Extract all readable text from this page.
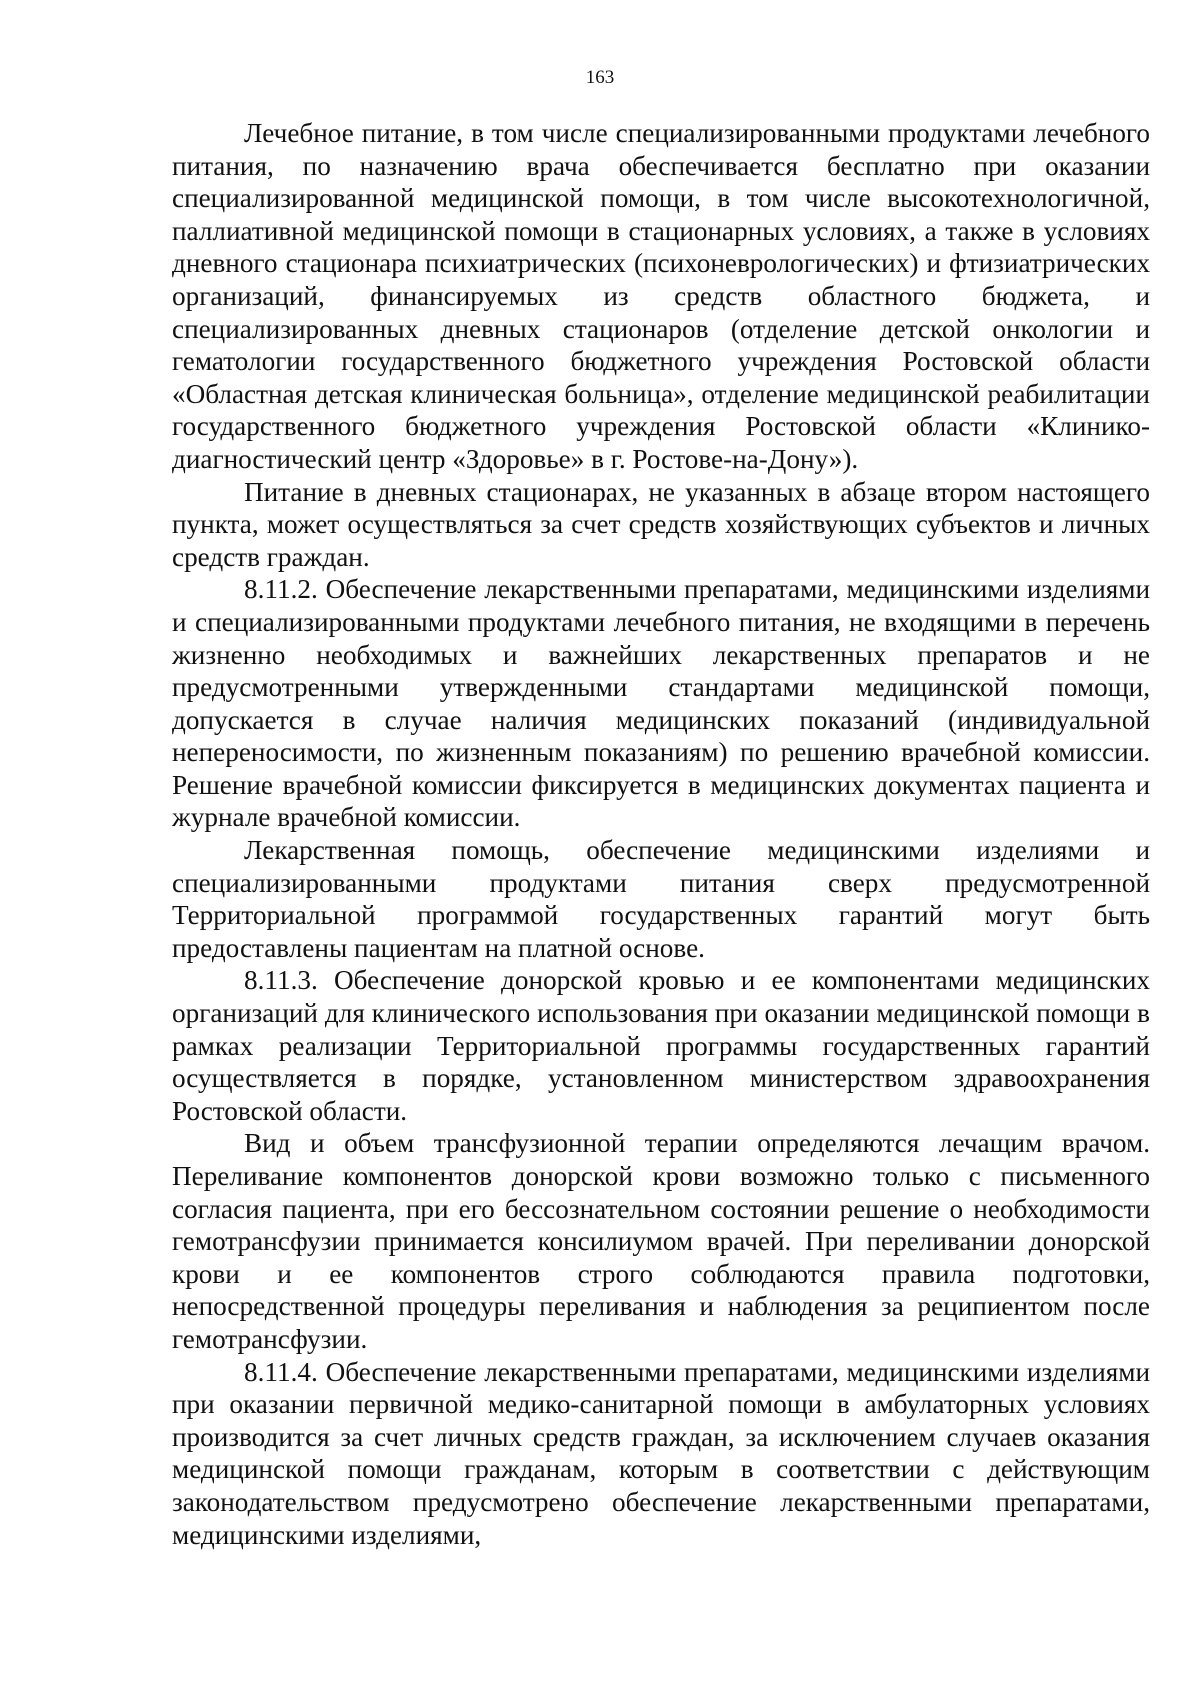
163

Лечебное питание, в том числе специализированными продуктами лечебного питания, по назначению врача обеспечивается бесплатно при оказании специализированной медицинской помощи, в том числе высокотехнологичной, паллиативной медицинской помощи в стационарных условиях, а также в условиях дневного стационара психиатрических (психоневрологических) и фтизиатрических организаций, финансируемых из средств областного бюджета, и специализированных дневных стационаров (отделение детской онкологии и гематологии государственного бюджетного учреждения Ростовской области «Областная детская клиническая больница», отделение медицинской реабилитации государственного бюджетного учреждения Ростовской области «Клинико-диагностический центр «Здоровье» в г. Ростове-на-Дону»).

Питание в дневных стационарах, не указанных в абзаце втором настоящего пункта, может осуществляться за счет средств хозяйствующих субъектов и личных средств граждан.

8.11.2. Обеспечение лекарственными препаратами, медицинскими изделиями и специализированными продуктами лечебного питания, не входящими в перечень жизненно необходимых и важнейших лекарственных препаратов и не предусмотренными утвержденными стандартами медицинской помощи, допускается в случае наличия медицинских показаний (индивидуальной непереносимости, по жизненным показаниям) по решению врачебной комиссии. Решение врачебной комиссии фиксируется в медицинских документах пациента и журнале врачебной комиссии.

Лекарственная помощь, обеспечение медицинскими изделиями и специализированными продуктами питания сверх предусмотренной Территориальной программой государственных гарантий могут быть предоставлены пациентам на платной основе.

8.11.3. Обеспечение донорской кровью и ее компонентами медицинских организаций для клинического использования при оказании медицинской помощи в рамках реализации Территориальной программы государственных гарантий осуществляется в порядке, установленном министерством здравоохранения Ростовской области.

Вид и объем трансфузионной терапии определяются лечащим врачом. Переливание компонентов донорской крови возможно только с письменного согласия пациента, при его бессознательном состоянии решение о необходимости гемотрансфузии принимается консилиумом врачей. При переливании донорской крови и ее компонентов строго соблюдаются правила подготовки, непосредственной процедуры переливания и наблюдения за реципиентом после гемотрансфузии.

8.11.4. Обеспечение лекарственными препаратами, медицинскими изделиями при оказании первичной медико-санитарной помощи в амбулаторных условиях производится за счет личных средств граждан, за исключением случаев оказания медицинской помощи гражданам, которым в соответствии с действующим законодательством предусмотрено обеспечение лекарственными препаратами, медицинскими изделиями,
